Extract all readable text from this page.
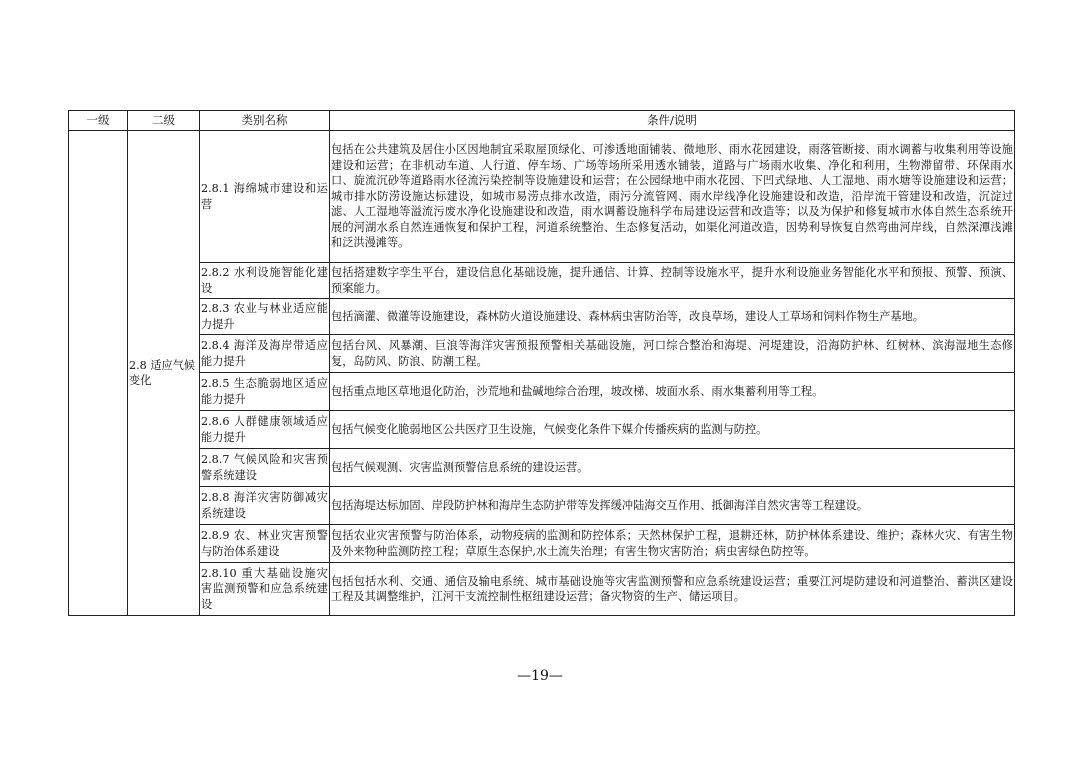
一级	二级	类别名称	条件/说明
	2.8 适应气候变化	2.8.1 海绵城市建设和运营	包括在公共建筑及居住小区因地制宜采取屋顶绿化、可渗透地面铺装、微地形、雨水花园建设，雨落管断接、雨水调蓄与收集利用等设施建设和运营；在非机动车道、人行道、停车场、广场等场所采用透水铺装，道路与广场雨水收集、净化和利用，生物滞留带、环保雨水口、旋流沉砂等道路雨水径流污染控制等设施建设和运营；在公园绿地中雨水花园、下凹式绿地、人工湿地、雨水塘等设施建设和运营；城市排水防涝设施达标建设，如城市易涝点排水改造，雨污分流管网、雨水岸线净化设施建设和改造，沿岸流干管建设和改造，沉淀过滤、人工湿地等溢流污废水净化设施建设和改造，雨水调蓄设施科学布局建设运营和改造等；以及为保护和修复城市水体自然生态系统开展的河湖水系自然连通恢复和保护工程，河道系统整治、生态修复活动，如渠化河道改造，因势利导恢复自然弯曲河岸线，自然深潭浅滩和泛洪漫滩等。
		2.8.2 水利设施智能化建设	包括搭建数字孪生平台，建设信息化基础设施，提升通信、计算、控制等设施水平，提升水利设施业务智能化水平和预报、预警、预演、预案能力。
		2.8.3 农业与林业适应能力提升	包括滴灌、微灌等设施建设，森林防火道设施建设、森林病虫害防治等，改良草场，建设人工草场和饲料作物生产基地。
		2.8.4 海洋及海岸带适应能力提升	包括台风、风暴潮、巨浪等海洋灾害预报预警相关基础设施，河口综合整治和海堤、河堤建设，沿海防护林、红树林、滨海湿地生态修复，岛防风、防浪、防潮工程。
		2.8.5 生态脆弱地区适应能力提升	包括重点地区草地退化防治，沙荒地和盐碱地综合治理，坡改梯、坡面水系、雨水集蓄利用等工程。
		2.8.6 人群健康领域适应能力提升	包括气候变化脆弱地区公共医疗卫生设施，气候变化条件下媒介传播疾病的监测与防控。
		2.8.7 气候风险和灾害预警系统建设	包括气候观测、灾害监测预警信息系统的建设运营。
		2.8.8 海洋灾害防御减灾系统建设	包括海堤达标加固、岸段防护林和海岸生态防护带等发挥缓冲陆海交互作用、抵御海洋自然灾害等工程建设。
		2.8.9 农、林业灾害预警与防治体系建设	包括农业灾害预警与防治体系，动物疫病的监测和防控体系；天然林保护工程，退耕还林，防护林体系建设、维护；森林火灾、有害生物及外来物种监测防控工程；草原生态保护,水土流失治理；有害生物灾害防治；病虫害绿色防控等。
		2.8.10 重大基础设施灾害监测预警和应急系统建设	包括包括水利、交通、通信及输电系统、城市基础设施等灾害监测预警和应急系统建设运营；重要江河堤防建设和河道整治、蓄洪区建设工程及其调整维护，江河干支流控制性枢纽建设运营；备灾物资的生产、储运项目。
—19—
